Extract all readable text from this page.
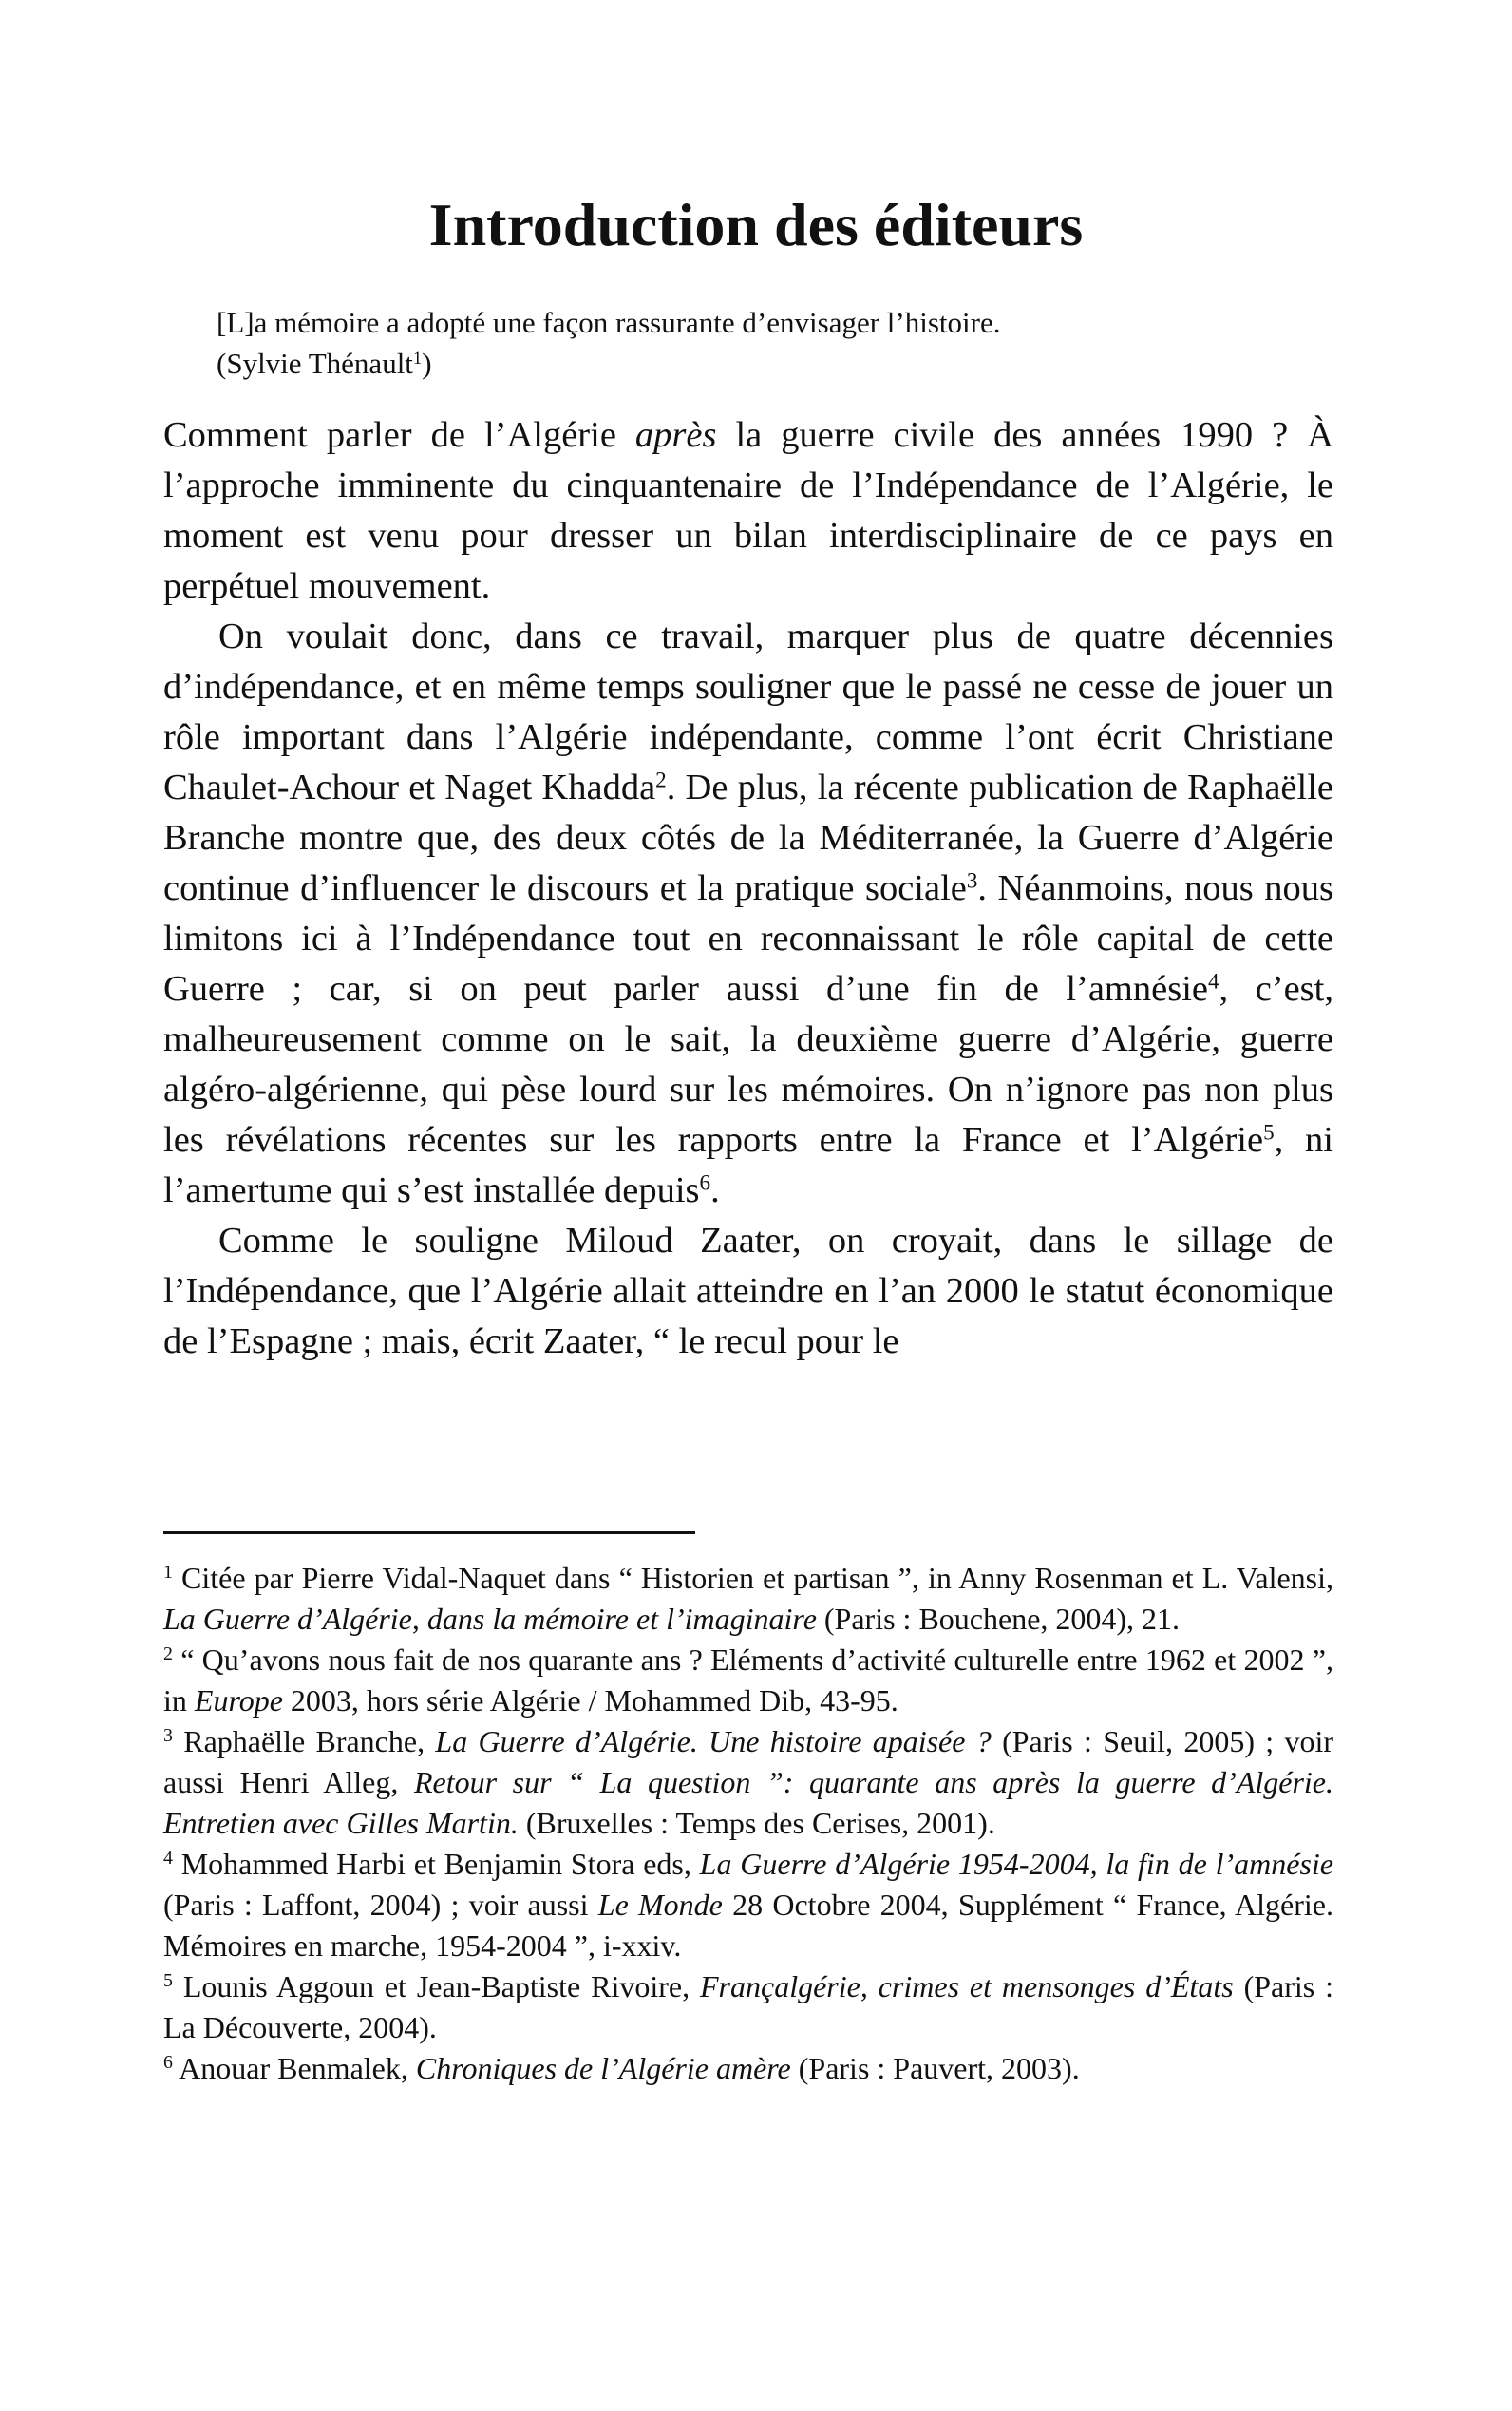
Introduction des éditeurs
[L]a mémoire a adopté une façon rassurante d’envisager l’histoire.
(Sylvie Thénault$^1$)

Comment parler de l’Algérie après la guerre civile des années 1990 ? À l’approche imminente du cinquantenaire de l’Indépendance de l’Algérie, le moment est venu pour dresser un bilan interdisciplinaire de ce pays en perpétuel mouvement.

On voulait donc, dans ce travail, marquer plus de quatre décennies d’indépendance, et en même temps souligner que le passé ne cesse de jouer un rôle important dans l’Algérie indépendante, comme l’ont écrit Christiane Chaulet-Achour et Naget Khadda$^2$. De plus, la récente publication de Raphaëlle Branche montre que, des deux côtés de la Méditerranée, la Guerre d’Algérie continue d’influencer le discours et la pratique sociale$^3$. Néanmoins, nous nous limitons ici à l’Indépendance tout en reconnaissant le rôle capital de cette Guerre ; car, si on peut parler aussi d’une fin de l’amnésie$^4$, c’est, malheureusement comme on le sait, la deuxième guerre d’Algérie, guerre algéro-algérienne, qui pèse lourd sur les mémoires. On n’ignore pas non plus les révélations récentes sur les rapports entre la France et l’Algérie$^5$, ni l’amertume qui s’est installée depuis$^6$.

Comme le souligne Miloud Zaater, on croyait, dans le sillage de l’Indépendance, que l’Algérie allait atteindre en l’an 2000 le statut économique de l’Espagne ; mais, écrit Zaater, “ le recul pour le

$^1$ Citée par Pierre Vidal-Naquet dans “ Historien et partisan ”, in Anny Rosenman et L. Valensi, La Guerre d’Algérie, dans la mémoire et l’imaginaire (Paris : Bouchene, 2004), 21.

$^2$ “ Qu’avons nous fait de nos quarante ans ? Eléments d’activité culturelle entre 1962 et 2002 ”, in Europe 2003, hors série Algérie / Mohammed Dib, 43-95.

$^3$ Raphaëlle Branche, La Guerre d’Algérie. Une histoire apaisée ? (Paris : Seuil, 2005) ; voir aussi Henri Alleg, Retour sur “ La question ”: quarante ans après la guerre d’Algérie. Entretien avec Gilles Martin. (Bruxelles : Temps des Cerises, 2001).

$^4$ Mohammed Harbi et Benjamin Stora eds, La Guerre d’Algérie 1954-2004, la fin de l’amnésie (Paris : Laffont, 2004) ; voir aussi Le Monde 28 Octobre 2004, Supplément “ France, Algérie. Mémoires en marche, 1954-2004 ”, i-xxiv.

$^5$ Lounis Aggoun et Jean-Baptiste Rivoire, Françalgérie, crimes et mensonges d’États (Paris : La Découverte, 2004).

$^6$ Anouar Benmalek, Chroniques de l’Algérie amère (Paris : Pauvert, 2003).
